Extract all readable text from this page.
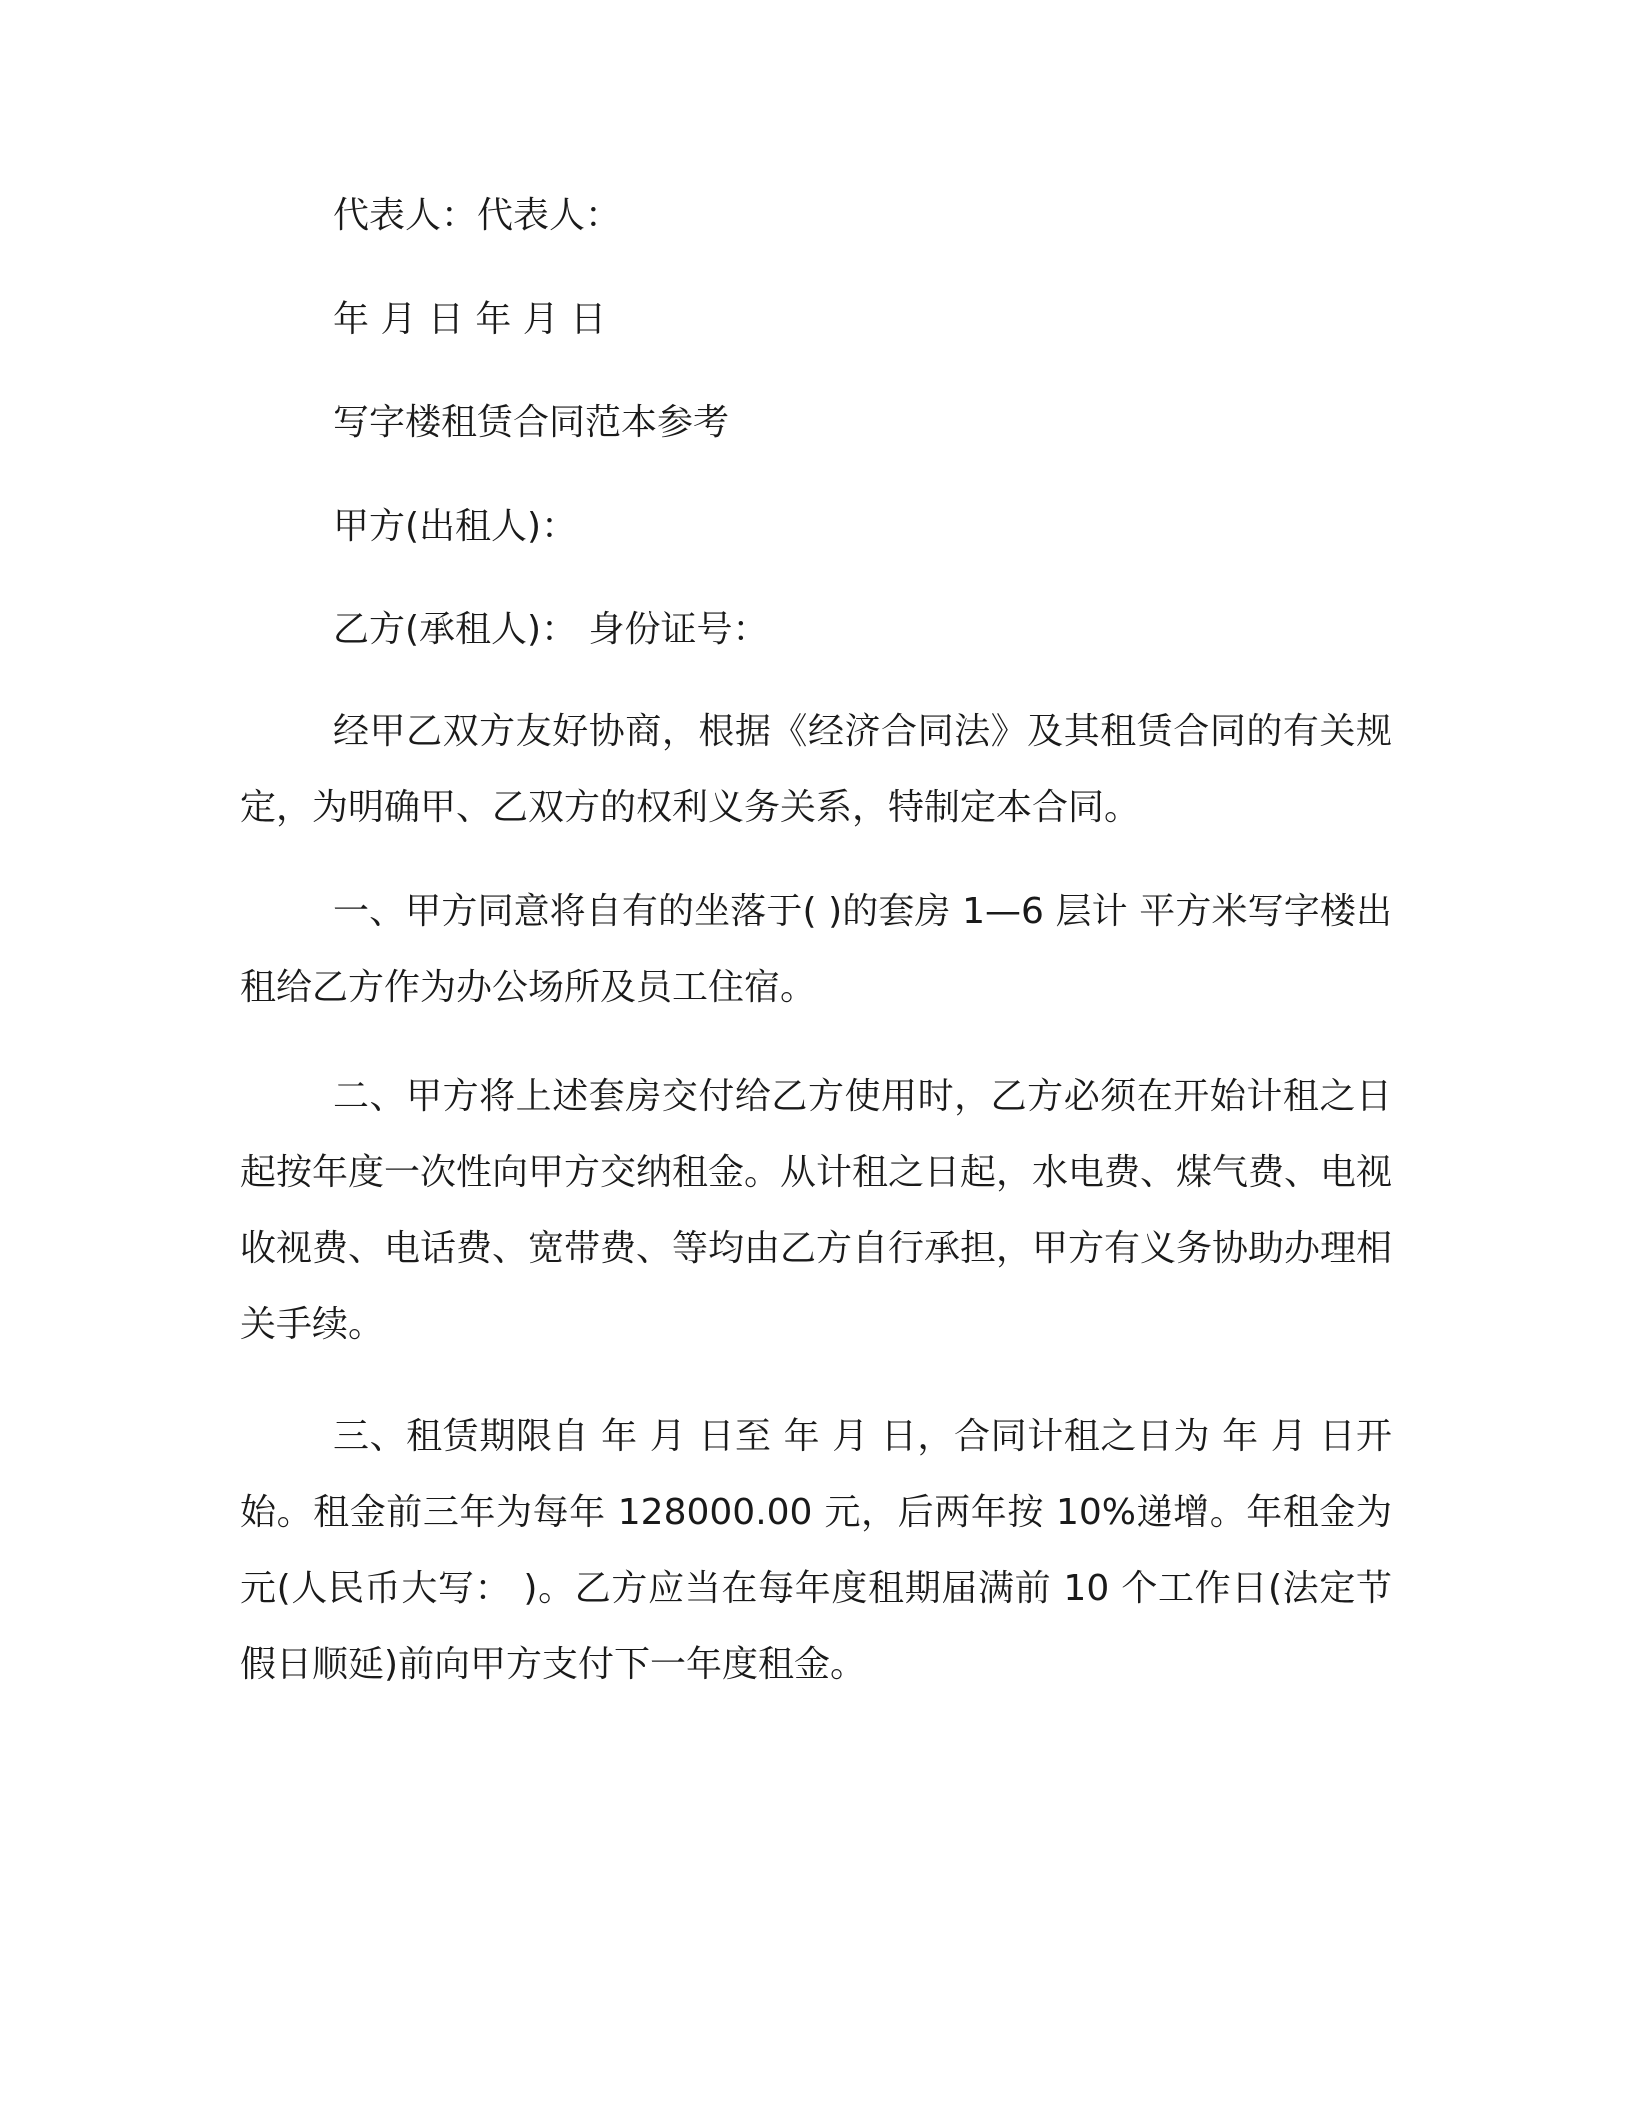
代表人：代表人：
年 月 日 年 月 日
写字楼租赁合同范本参考
甲方(出租人)：
乙方(承租人)： 身份证号：
经甲乙双方友好协商，根据《经济合同法》及其租赁合同的有关规定，为明确甲、乙双方的权利义务关系，特制定本合同。
一、甲方同意将自有的坐落于( )的套房 1—6 层计 平方米写字楼出租给乙方作为办公场所及员工住宿。
二、甲方将上述套房交付给乙方使用时，乙方必须在开始计租之日起按年度一次性向甲方交纳租金。从计租之日起，水电费、煤气费、电视收视费、电话费、宽带费、等均由乙方自行承担，甲方有义务协助办理相关手续。
三、租赁期限自 年 月 日至 年 月 日，合同计租之日为 年 月 日开始。租金前三年为每年 128000.00 元，后两年按 10%递增。年租金为 元(人民币大写： )。乙方应当在每年度租期届满前 10 个工作日(法定节假日顺延)前向甲方支付下一年度租金。
